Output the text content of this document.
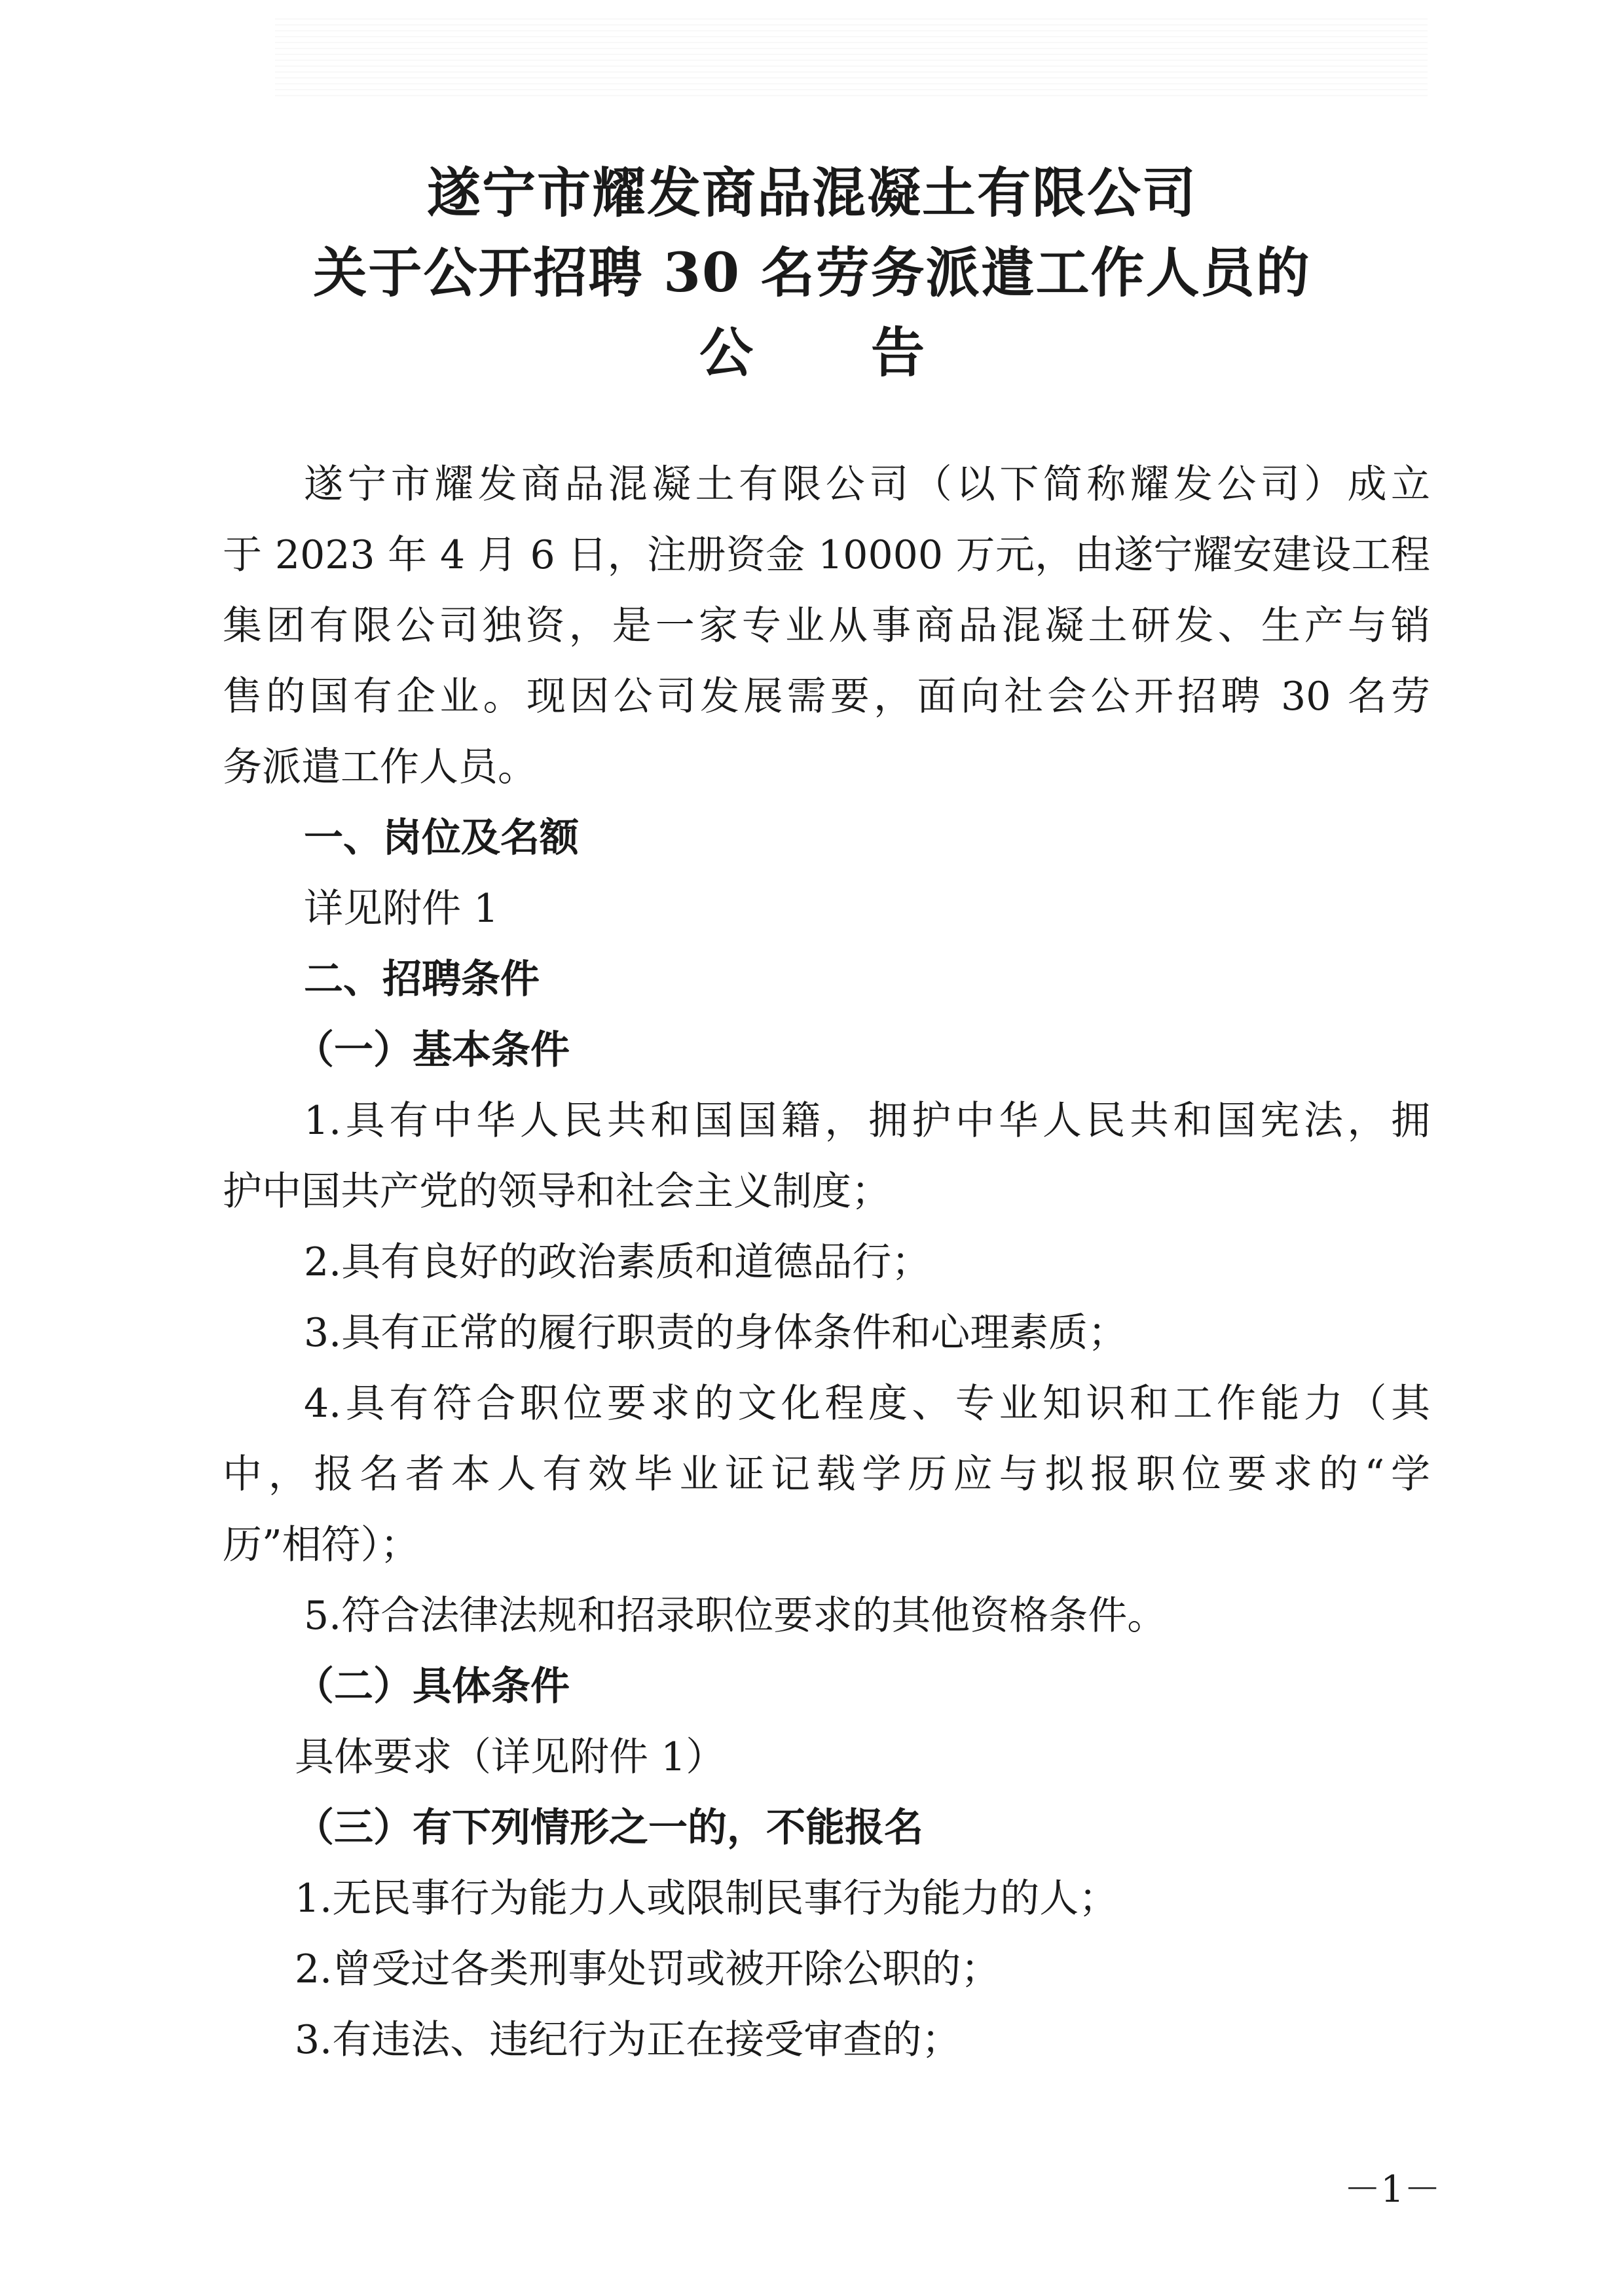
遂宁市耀发商品混凝土有限公司
关于公开招聘 30 名劳务派遣工作人员的
公告
遂宁市耀发商品混凝土有限公司（以下简称耀发公司）成立
于 2023 年 4 月 6 日，注册资金 10000 万元，由遂宁耀安建设工程
集团有限公司独资，是一家专业从事商品混凝土研发、生产与销
售的国有企业。现因公司发展需要，面向社会公开招聘 30 名劳
务派遣工作人员。
一、岗位及名额
详见附件 1
二、招聘条件
（一）基本条件
1.具有中华人民共和国国籍，拥护中华人民共和国宪法，拥
护中国共产党的领导和社会主义制度；
2.具有良好的政治素质和道德品行；
3.具有正常的履行职责的身体条件和心理素质；
4.具有符合职位要求的文化程度、专业知识和工作能力（其
中，报名者本人有效毕业证记载学历应与拟报职位要求的“学
历”相符）；
5.符合法律法规和招录职位要求的其他资格条件。
（二）具体条件
具体要求（详见附件 1）
（三）有下列情形之一的，不能报名
1.无民事行为能力人或限制民事行为能力的人；
2.曾受过各类刑事处罚或被开除公职的；
3.有违法、违纪行为正在接受审查的；
－1－
